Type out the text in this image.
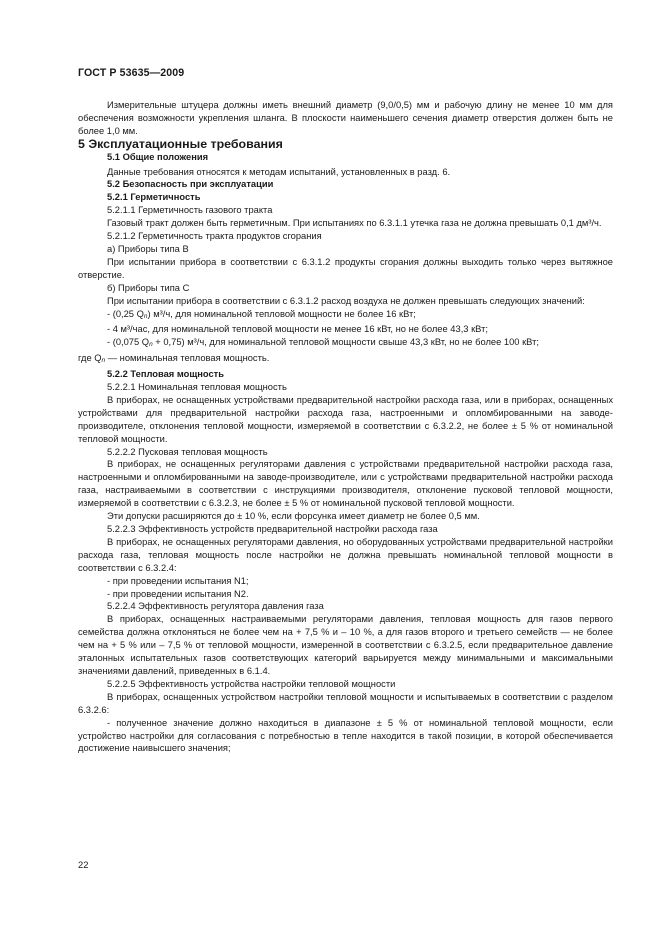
ГОСТ Р 53635—2009

Измерительные штуцера должны иметь внешний диаметр (9,0/0,5) мм и рабочую длину не менее 10 мм для обеспечения возможности укрепления шланга. В плоскости наименьшего сечения диаметр отверстия должен быть не более 1,0 мм.

5 Эксплуатационные требования

5.1 Общие положения

Данные требования относятся к методам испытаний, установленных в разд. 6.

5.2 Безопасность при эксплуатации

5.2.1 Герметичность

5.2.1.1 Герметичность газового тракта

Газовый тракт должен быть герметичным. При испытаниях по 6.3.1.1 утечка газа не должна превышать 0,1 дм³/ч.

5.2.1.2 Герметичность тракта продуктов сгорания

а) Приборы типа В

При испытании прибора в соответствии с 6.3.1.2 продукты сгорания должны выходить только через вытяжное отверстие.

б) Приборы типа С

При испытании прибора в соответствии с 6.3.1.2 расход воздуха не должен превышать следующих значений:

- (0,25 Qn) м³/ч, для номинальной тепловой мощности не более 16 кВт;

- 4 м³/час, для номинальной тепловой мощности не менее 16 кВт, но не более 43,3 кВт;

- (0,075 Qn + 0,75) м³/ч, для номинальной тепловой мощности свыше 43,3 кВт, но не более 100 кВт;

где Qn — номинальная тепловая мощность.

5.2.2 Тепловая мощность

5.2.2.1 Номинальная тепловая мощность

В приборах, не оснащенных устройствами предварительной настройки расхода газа, или в приборах, оснащенных устройствами для предварительной настройки расхода газа, настроенными и опломбированными на заводе-производителе, отклонения тепловой мощности, измеряемой в соответствии с 6.3.2.2, не более ± 5 % от номинальной тепловой мощности.

5.2.2.2 Пусковая тепловая мощность

В приборах, не оснащенных регуляторами давления с устройствами предварительной настройки расхода газа, настроенными и опломбированными на заводе-производителе, или с устройствами предварительной настройки расхода газа, настраиваемыми в соответствии с инструкциями производителя, отклонение пусковой тепловой мощности, измеряемой в соответствии с 6.3.2.3, не более ± 5 % от номинальной пусковой тепловой мощности.

Эти допуски расширяются до ± 10 %, если форсунка имеет диаметр не более 0,5 мм.

5.2.2.3 Эффективность устройств предварительной настройки расхода газа

В приборах, не оснащенных регуляторами давления, но оборудованных устройствами предварительной настройки расхода газа, тепловая мощность после настройки не должна превышать номинальной тепловой мощности в соответствии с 6.3.2.4:

- при проведении испытания N1;

- при проведении испытания N2.

5.2.2.4 Эффективность регулятора давления газа

В приборах, оснащенных настраиваемыми регуляторами давления, тепловая мощность для газов первого семейства должна отклоняться не более чем на + 7,5 % и – 10 %, а для газов второго и третьего семейств — не более чем на + 5 % или – 7,5 % от тепловой мощности, измеренной в соответствии с 6.3.2.5, если предварительное давление эталонных испытательных газов соответствующих категорий варьируется между минимальными и максимальными значениями давлений, приведенных в 6.1.4.

5.2.2.5 Эффективность устройства настройки тепловой мощности

В приборах, оснащенных устройством настройки тепловой мощности и испытываемых в соответствии с разделом 6.3.2.6:

- полученное значение должно находиться в диапазоне ± 5 % от номинальной тепловой мощности, если устройство настройки для согласования с потребностью в тепле находится в такой позиции, в которой обеспечивается достижение наивысшего значения;

22
